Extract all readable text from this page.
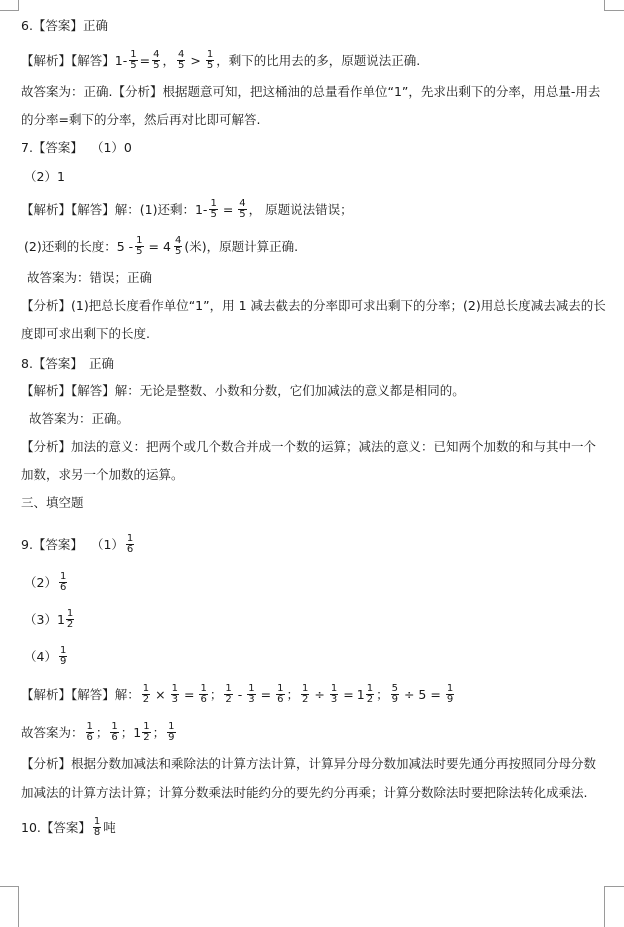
6.【答案】 正确
【解析】【解答】 $1- \frac{1}{5} = \frac{4}{5}$ ， $\frac{4}{5} > \frac{1}{5}$ ，剩下的比用去的多，原题说法正确.
故答案为：正确.【分析】根据题意可知，把这桶油的总量看作单位“1”，先求出剩下的分率，用总量-用去
的分率=剩下的分率，然后再对比即可解答.
7.【答案】 （1）0
（2）1
【解析】【解答】解： (1)还剩：$1- \frac{1}{5} = \frac{4}{5}$ ， 原题说法错误；
(2)还剩的长度：$5 - \frac{1}{5} = 4 \frac{4}{5}$ (米)，原题计算正确.
故答案为：错误；正确
【分析】(1)把总长度看作单位“1”，用 1 减去截去的分率即可求出剩下的分率；(2)用总长度减去减去的长
度即可求出剩下的长度.
8.【答案】 正确
【解析】【解答】解：无论是整数、小数和分数，它们加减法的意义都是相同的。
故答案为：正确。
【分析】加法的意义：把两个或几个数合并成一个数的运算；减法的意义：已知两个加数的和与其中一个
加数，求另一个加数的运算。
三、填空题
9.【答案】 $(1) \frac{1}{6}$
$(2) \frac{1}{6}$
（3） $1 \frac{1}{2}$
$(4) \frac{1}{9}$
【解析】【解答】解： $\frac{1}{2} \times \frac{1}{3} = \frac{1}{6}$ ； $\frac{1}{2} - \frac{1}{3} = \frac{1}{6}$ ； $\frac{1}{2} \div \frac{1}{3} = 1 \frac{1}{2}$ ； $\frac{5}{9} \div 5 = \frac{1}{9}$
故答案为： $\frac{1}{6}$ ； $\frac{1}{6}$ ； $1 \frac{1}{2}$ ； $\frac{1}{9}$
【分析】根据分数加减法和乘除法的计算方法计算，计算异分母分数加减法时要先通分再按照同分母分数
加减法的计算方法计算；计算分数乘法时能约分的要先约分再乘；计算分数除法时要把除法转化成乘法.
10.【答案】 $\frac{1}{8}$ 吨
